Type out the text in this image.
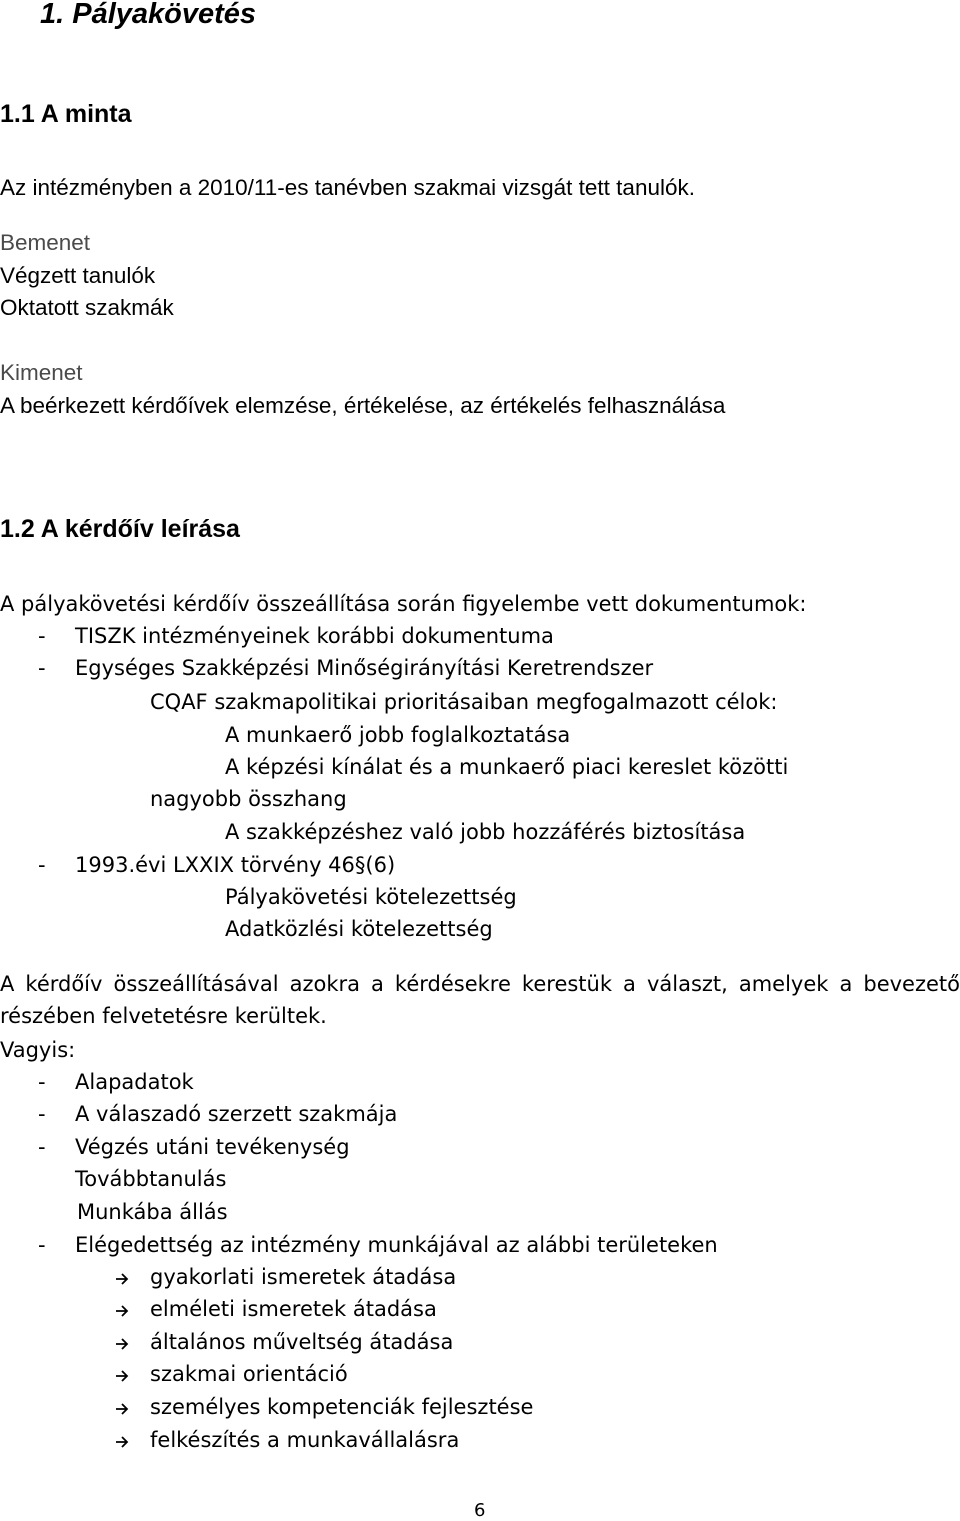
1. Pályakövetés
1.1 A minta
Az intézményben a 2010/11-es tanévben szakmai vizsgát tett tanulók.
Bemenet
Végzett tanulók
Oktatott szakmák
Kimenet
A beérkezett kérdőívek elemzése, értékelése, az értékelés felhasználása
1.2 A kérdőív leírása
A pályakövetési kérdőív összeállítása során figyelembe vett dokumentumok:
- TISZK intézményeinek korábbi dokumentuma
- Egységes Szakképzési Minőségirányítási Keretrendszer
CQAF szakmapolitikai prioritásaiban megfogalmazott célok:
A munkaerő jobb foglalkoztatása
A képzési kínálat és a munkaerő piaci kereslet közötti
nagyobb összhang
A szakképzéshez való jobb hozzáférés biztosítása
- 1993.évi LXXIX törvény 46§(6)
Pályakövetési kötelezettség
Adatközlési kötelezettség
A kérdőív összeállításával azokra a kérdésekre kerestük a választ, amelyek a bevezető részében felvetetésre kerültek.
Vagyis:
- Alapadatok
- A válaszadó szerzett szakmája
- Végzés utáni tevékenység
Továbbtanulás
Munkába állás
- Elégedettség az intézmény munkájával az alábbi területeken
gyakorlati ismeretek átadása
elméleti ismeretek átadása
általános műveltség átadása
szakmai orientáció
személyes kompetenciák fejlesztése
felkészítés a munkavállalásra
6
